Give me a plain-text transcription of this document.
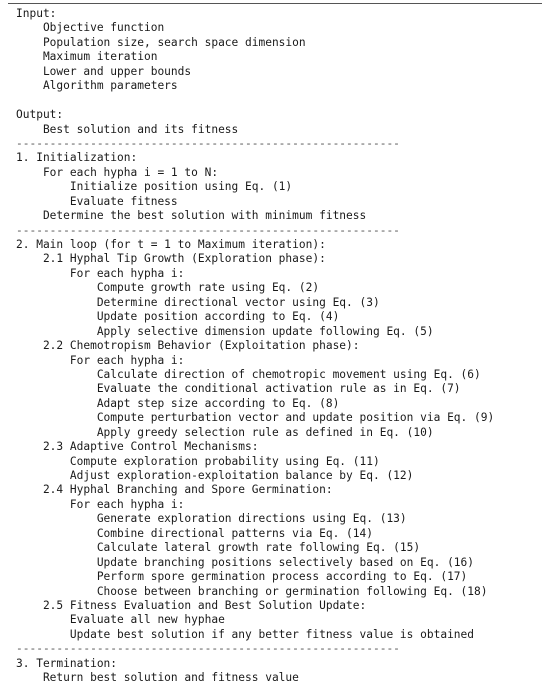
Input:
Objective function
Population size, search space dimension
Maximum iteration
Lower and upper bounds
Algorithm parameters

Output:
Best solution and its fitness
---------------------------------------------------------
1. Initialization:
For each hypha i = 1 to N:
Initialize position using Eq. (1)
Evaluate fitness
Determine the best solution with minimum fitness
---------------------------------------------------------
2. Main loop (for t = 1 to Maximum iteration):
2.1 Hyphal Tip Growth (Exploration phase):
For each hypha i:
Compute growth rate using Eq. (2)
Determine directional vector using Eq. (3)
Update position according to Eq. (4)
Apply selective dimension update following Eq. (5)
2.2 Chemotropism Behavior (Exploitation phase):
For each hypha i:
Calculate direction of chemotropic movement using Eq. (6)
Evaluate the conditional activation rule as in Eq. (7)
Adapt step size according to Eq. (8)
Compute perturbation vector and update position via Eq. (9)
Apply greedy selection rule as defined in Eq. (10)
2.3 Adaptive Control Mechanisms:
Compute exploration probability using Eq. (11)
Adjust exploration-exploitation balance by Eq. (12)
2.4 Hyphal Branching and Spore Germination:
For each hypha i:
Generate exploration directions using Eq. (13)
Combine directional patterns via Eq. (14)
Calculate lateral growth rate following Eq. (15)
Update branching positions selectively based on Eq. (16)
Perform spore germination process according to Eq. (17)
Choose between branching or germination following Eq. (18)
2.5 Fitness Evaluation and Best Solution Update:
Evaluate all new hyphae
Update best solution if any better fitness value is obtained
---------------------------------------------------------
3. Termination:
Return best solution and fitness value
